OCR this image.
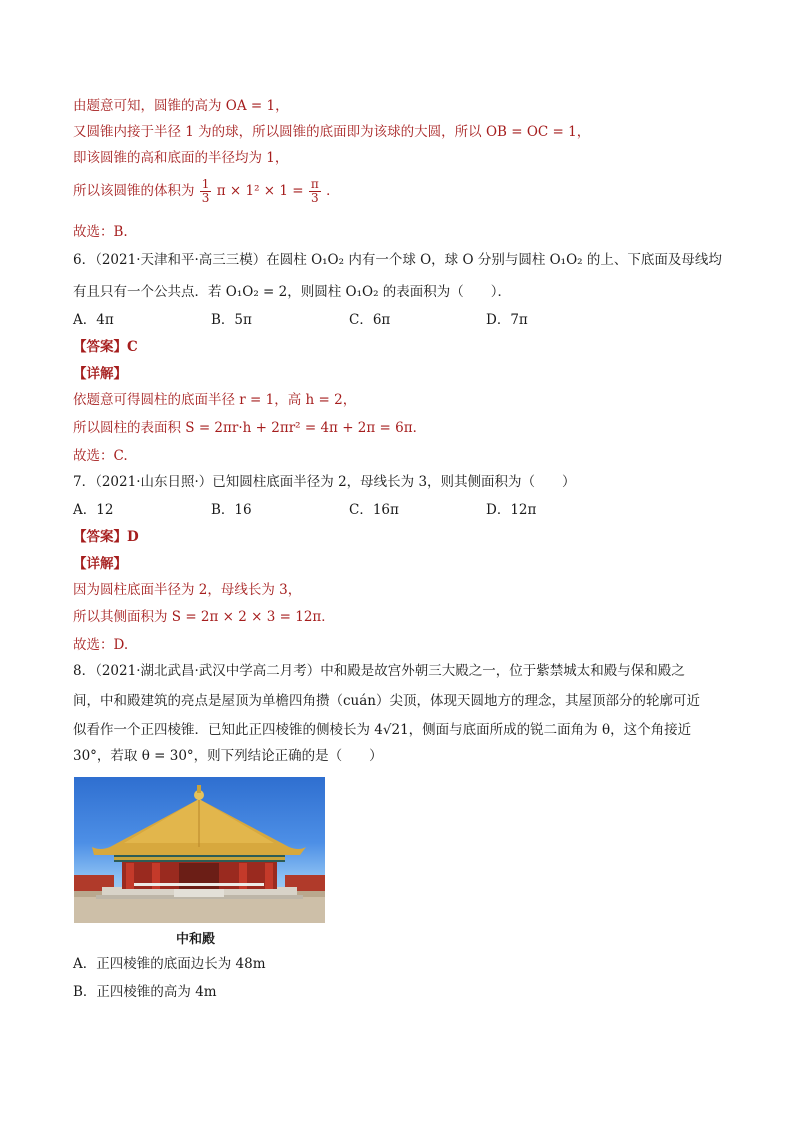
由题意可知，圆锥的高为 OA = 1，
又圆锥内接于半径 1 为的球，所以圆锥的底面即为该球的大圆，所以 OB = OC = 1，
即该圆锥的高和底面的半径均为 1，
所以该圆锥的体积为 $\frac{1}{3}$ $\pi \times 1^2 \times 1 = \frac{\pi}{3}$ ．
故选：B.
6．（2021·天津和平·高三三模）在圆柱 O₁O₂ 内有一个球 O，球 O 分别与圆柱 O₁O₂ 的上、下底面及母线均
有且只有一个公共点．若 O₁O₂ = 2，则圆柱 O₁O₂ 的表面积为（　　）．
A．4π	B．5π	C．6π	D．7π
【答案】C
【详解】
依题意可得圆柱的底面半径 r = 1，高 h = 2，
所以圆柱的表面积 S = 2πr·h + 2πr² = 4π + 2π = 6π．
故选：C.
7．（2021·山东日照·）已知圆柱底面半径为 2，母线长为 3，则其侧面积为（　　）
A．12	B．16	C．16π	D．12π
【答案】D
【详解】
因为圆柱底面半径为 2，母线长为 3，
所以其侧面积为 S = 2π × 2 × 3 = 12π．
故选：D.
8．（2021·湖北武昌·武汉中学高二月考）中和殿是故宫外朝三大殿之一，位于紫禁城太和殿与保和殿之
间，中和殿建筑的亮点是屋顶为单檐四角攒（cuán）尖顶，体现天圆地方的理念，其屋顶部分的轮廓可近
似看作一个正四棱锥．已知此正四棱锥的侧棱长为 4√21，侧面与底面所成的锐二面角为 θ，这个角接近
30°，若取 θ = 30°，则下列结论正确的是（　　）
中和殿
A．正四棱锥的底面边长为 48m
B．正四棱锥的高为 4m
